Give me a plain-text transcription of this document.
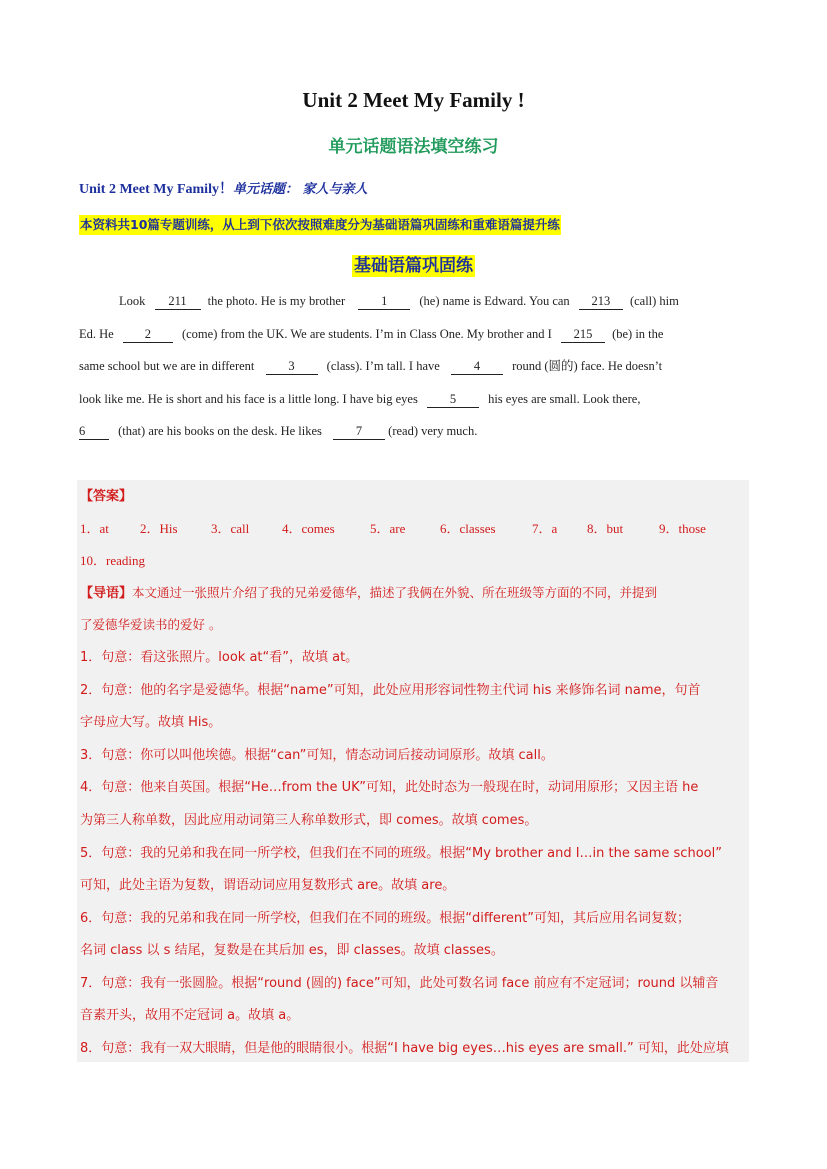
Unit 2 Meet My Family !
单元话题语法填空练习
Unit 2 Meet My Family！单元话题： 家人与亲人
本资料共10篇专题训练，从上到下依次按照难度分为基础语篇巩固练和重难语篇提升练
基础语篇巩固练
Look 211 the photo. He is my brother	1	(he) name is Edward. You can 213 (call) him
Ed. He 2 (come) from the UK. We are students. I’m in Class One. My brother and I 215 (be) in the
same school but we are in different	3	(class). I’m tall. I have	4	round (圆的) face. He doesn’t
look like me. He is short and his face is a little long. I have big eyes	5	his eyes are small. Look there,
6	(that) are his books on the desk. He likes	7 (read) very much.
【答案】
1．at 2．His	3．call	4．comes	5．are	6．classes	7．a 8．but	9．those
10．reading
【导语】本文通过一张照片介绍了我的兄弟爱德华，描述了我俩在外貌、所在班级等方面的不同，并提到
了爱德华爱读书的爱好 。
1．句意：看这张照片。look at“看”，故填 at。
2．句意：他的名字是爱德华。根据“name”可知，此处应用形容词性物主代词 his 来修饰名词 name，句首
字母应大写。故填 His。
3．句意：你可以叫他埃德。根据“can”可知，情态动词后接动词原形。故填 call。
4．句意：他来自英国。根据“He…from the UK”可知，此处时态为一般现在时，动词用原形；又因主语 he
为第三人称单数，因此应用动词第三人称单数形式，即 comes。故填 comes。
5．句意：我的兄弟和我在同一所学校，但我们在不同的班级。根据“My brother and I…in the same school”
可知，此处主语为复数，谓语动词应用复数形式 are。故填 are。
6．句意：我的兄弟和我在同一所学校，但我们在不同的班级。根据“different”可知，其后应用名词复数；
名词 class 以 s 结尾，复数是在其后加 es，即 classes。故填 classes。
7．句意：我有一张圆脸。根据“round (圆的) face”可知，此处可数名词 face 前应有不定冠词；round 以辅音
音素开头，故用不定冠词 a。故填 a。
8．句意：我有一双大眼睛，但是他的眼睛很小。根据“I have big eyes…his eyes are small.” 可知，此处应填
